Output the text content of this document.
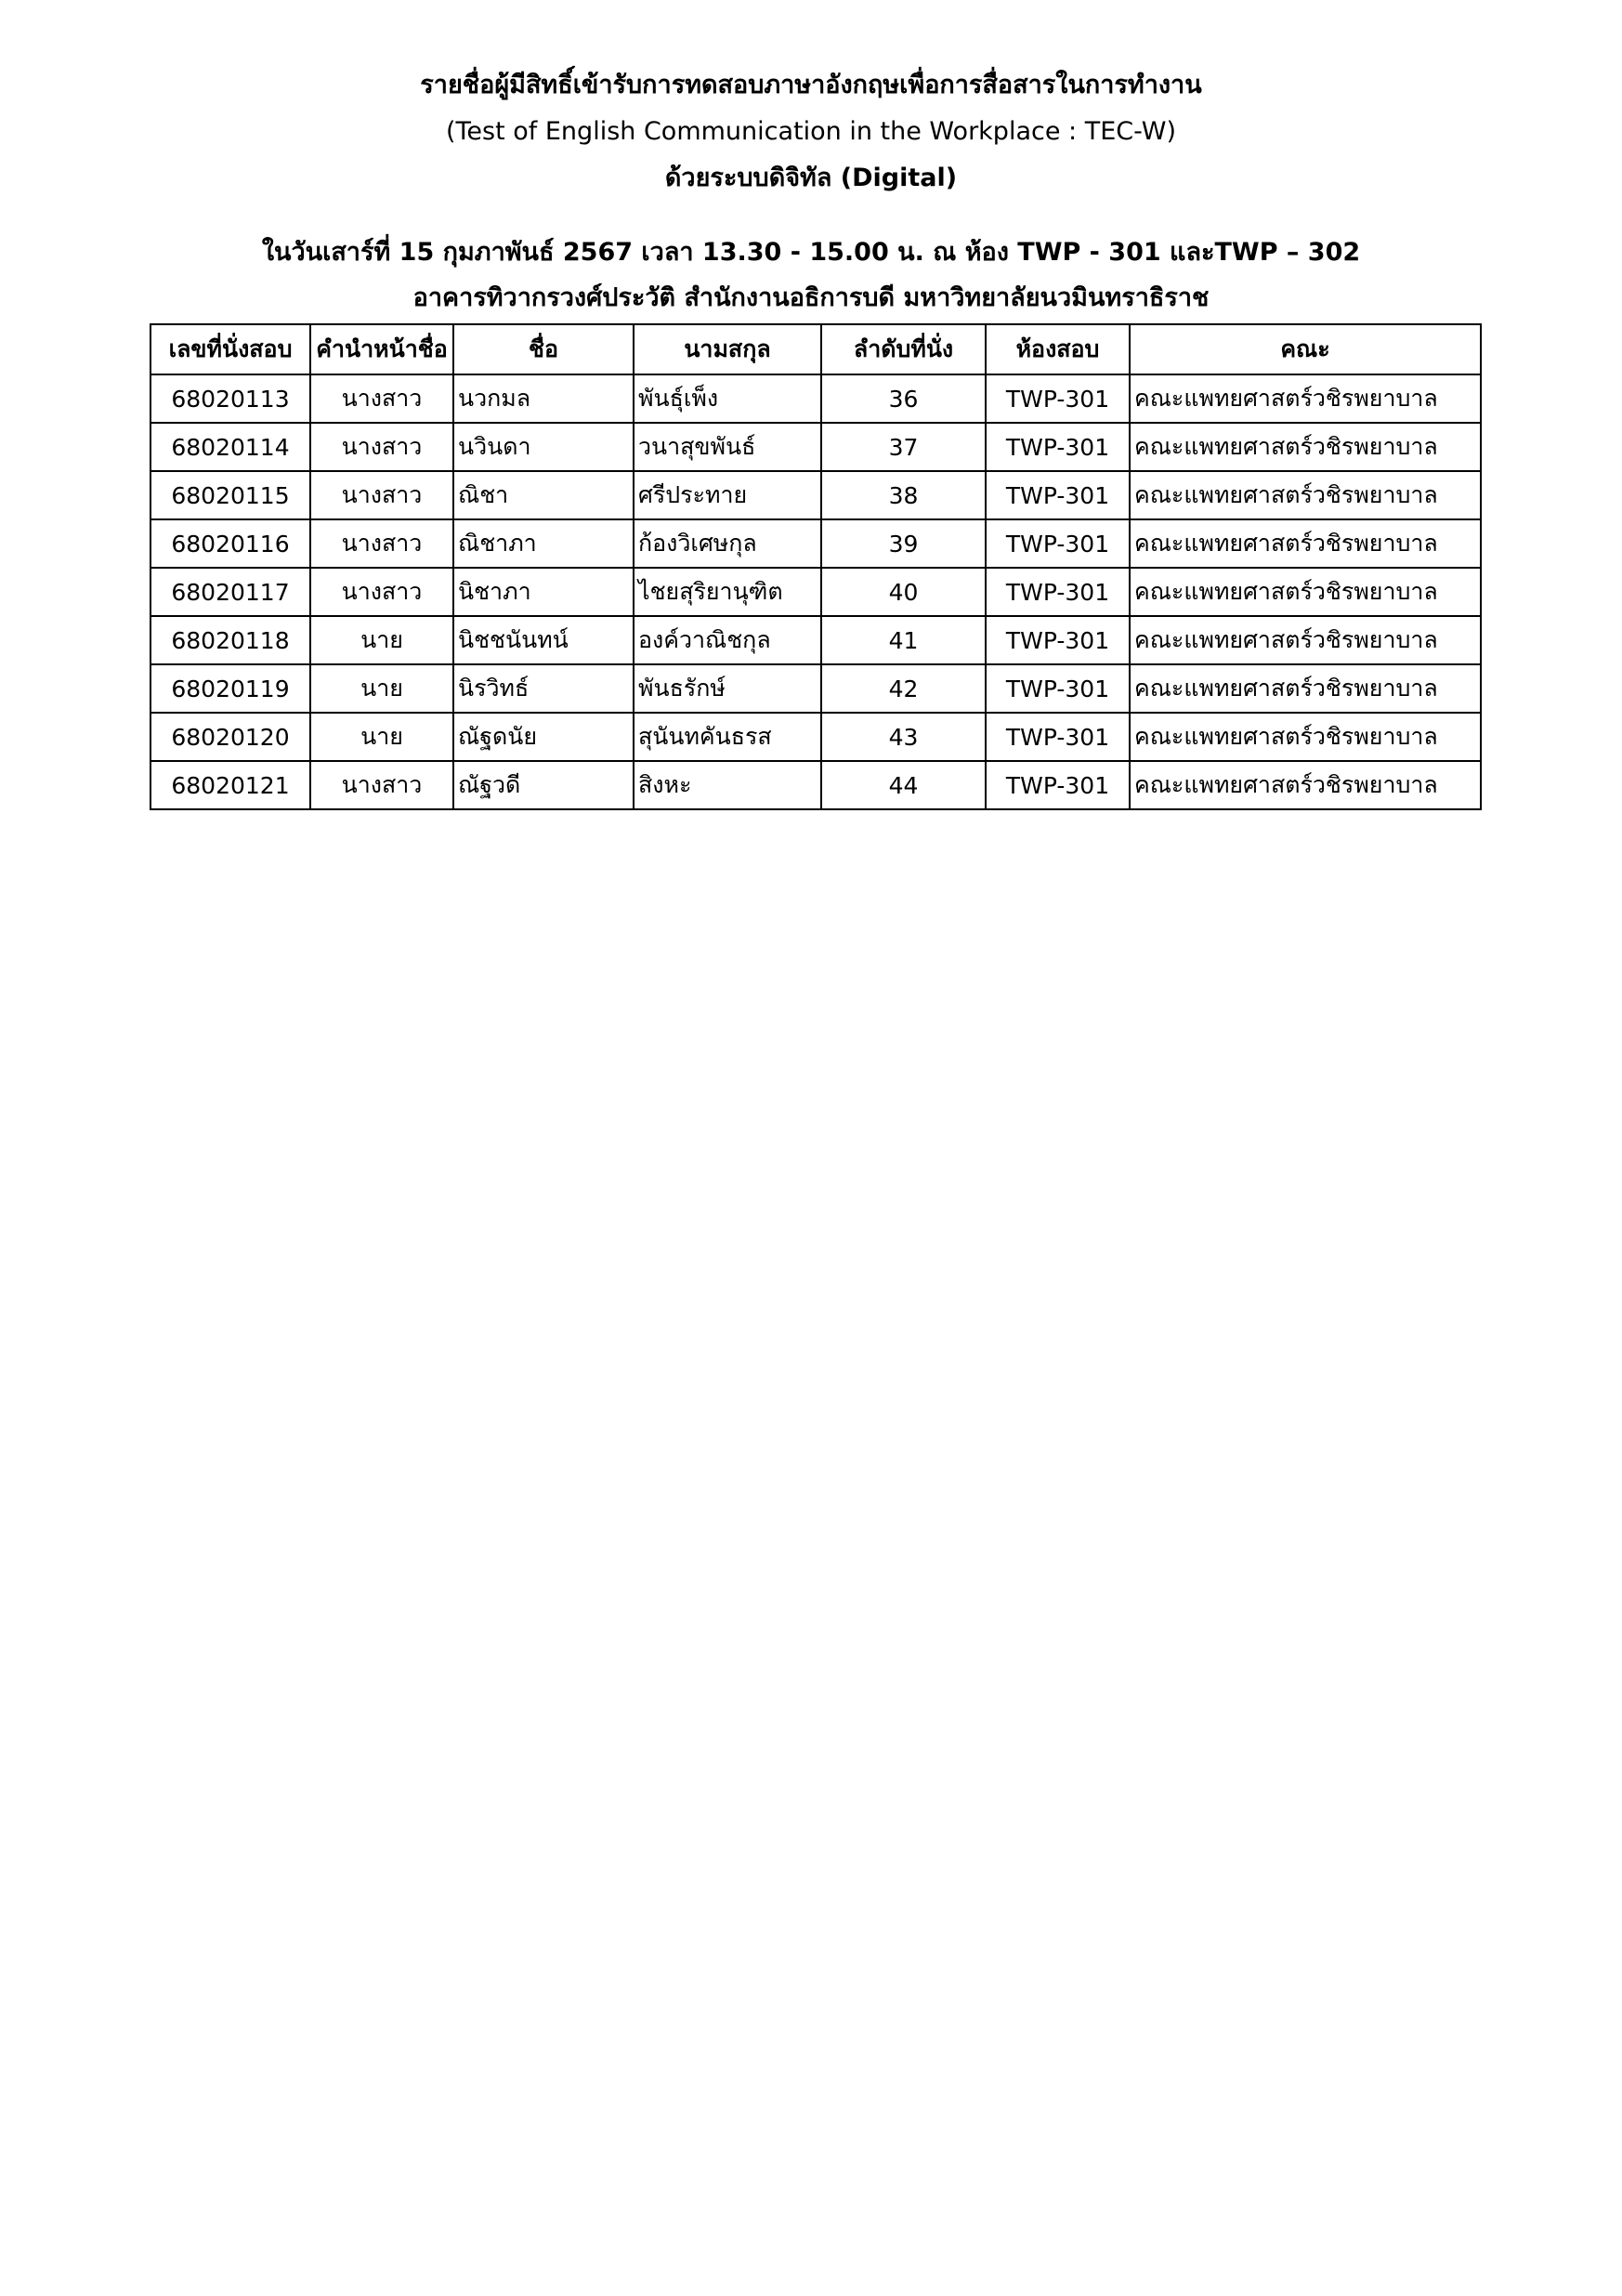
รายชื่อผู้มีสิทธิ์เข้ารับการทดสอบภาษาอังกฤษเพื่อการสื่อสารในการทำงาน
(Test of English Communication in the Workplace : TEC-W)
ด้วยระบบดิจิทัล (Digital)
ในวันเสาร์ที่ 15 กุมภาพันธ์ 2567 เวลา 13.30 - 15.00 น. ณ ห้อง TWP - 301 และTWP – 302
อาคารทิวากรวงศ์ประวัติ สำนักงานอธิการบดี มหาวิทยาลัยนวมินทราธิราช
เลขที่นั่งสอบ	คำนำหน้าชื่อ	ชื่อ	นามสกุล	ลำดับที่นั่ง	ห้องสอบ	คณะ
68020113	นางสาว	นวกมล	พันธุ์เพ็ง	36	TWP-301	คณะแพทยศาสตร์วชิรพยาบาล
68020114	นางสาว	นวินดา	วนาสุขพันธ์	37	TWP-301	คณะแพทยศาสตร์วชิรพยาบาล
68020115	นางสาว	ณิชา	ศรีประทาย	38	TWP-301	คณะแพทยศาสตร์วชิรพยาบาล
68020116	นางสาว	ณิชาภา	ก้องวิเศษกุล	39	TWP-301	คณะแพทยศาสตร์วชิรพยาบาล
68020117	นางสาว	นิชาภา	ไชยสุริยานุฑิต	40	TWP-301	คณะแพทยศาสตร์วชิรพยาบาล
68020118	นาย	นิชชนันทน์	องค์วาณิชกุล	41	TWP-301	คณะแพทยศาสตร์วชิรพยาบาล
68020119	นาย	นิรวิทธ์	พันธรักษ์	42	TWP-301	คณะแพทยศาสตร์วชิรพยาบาล
68020120	นาย	ณัฐดนัย	สุนันทคันธรส	43	TWP-301	คณะแพทยศาสตร์วชิรพยาบาล
68020121	นางสาว	ณัฐวดี	สิงหะ	44	TWP-301	คณะแพทยศาสตร์วชิรพยาบาล
